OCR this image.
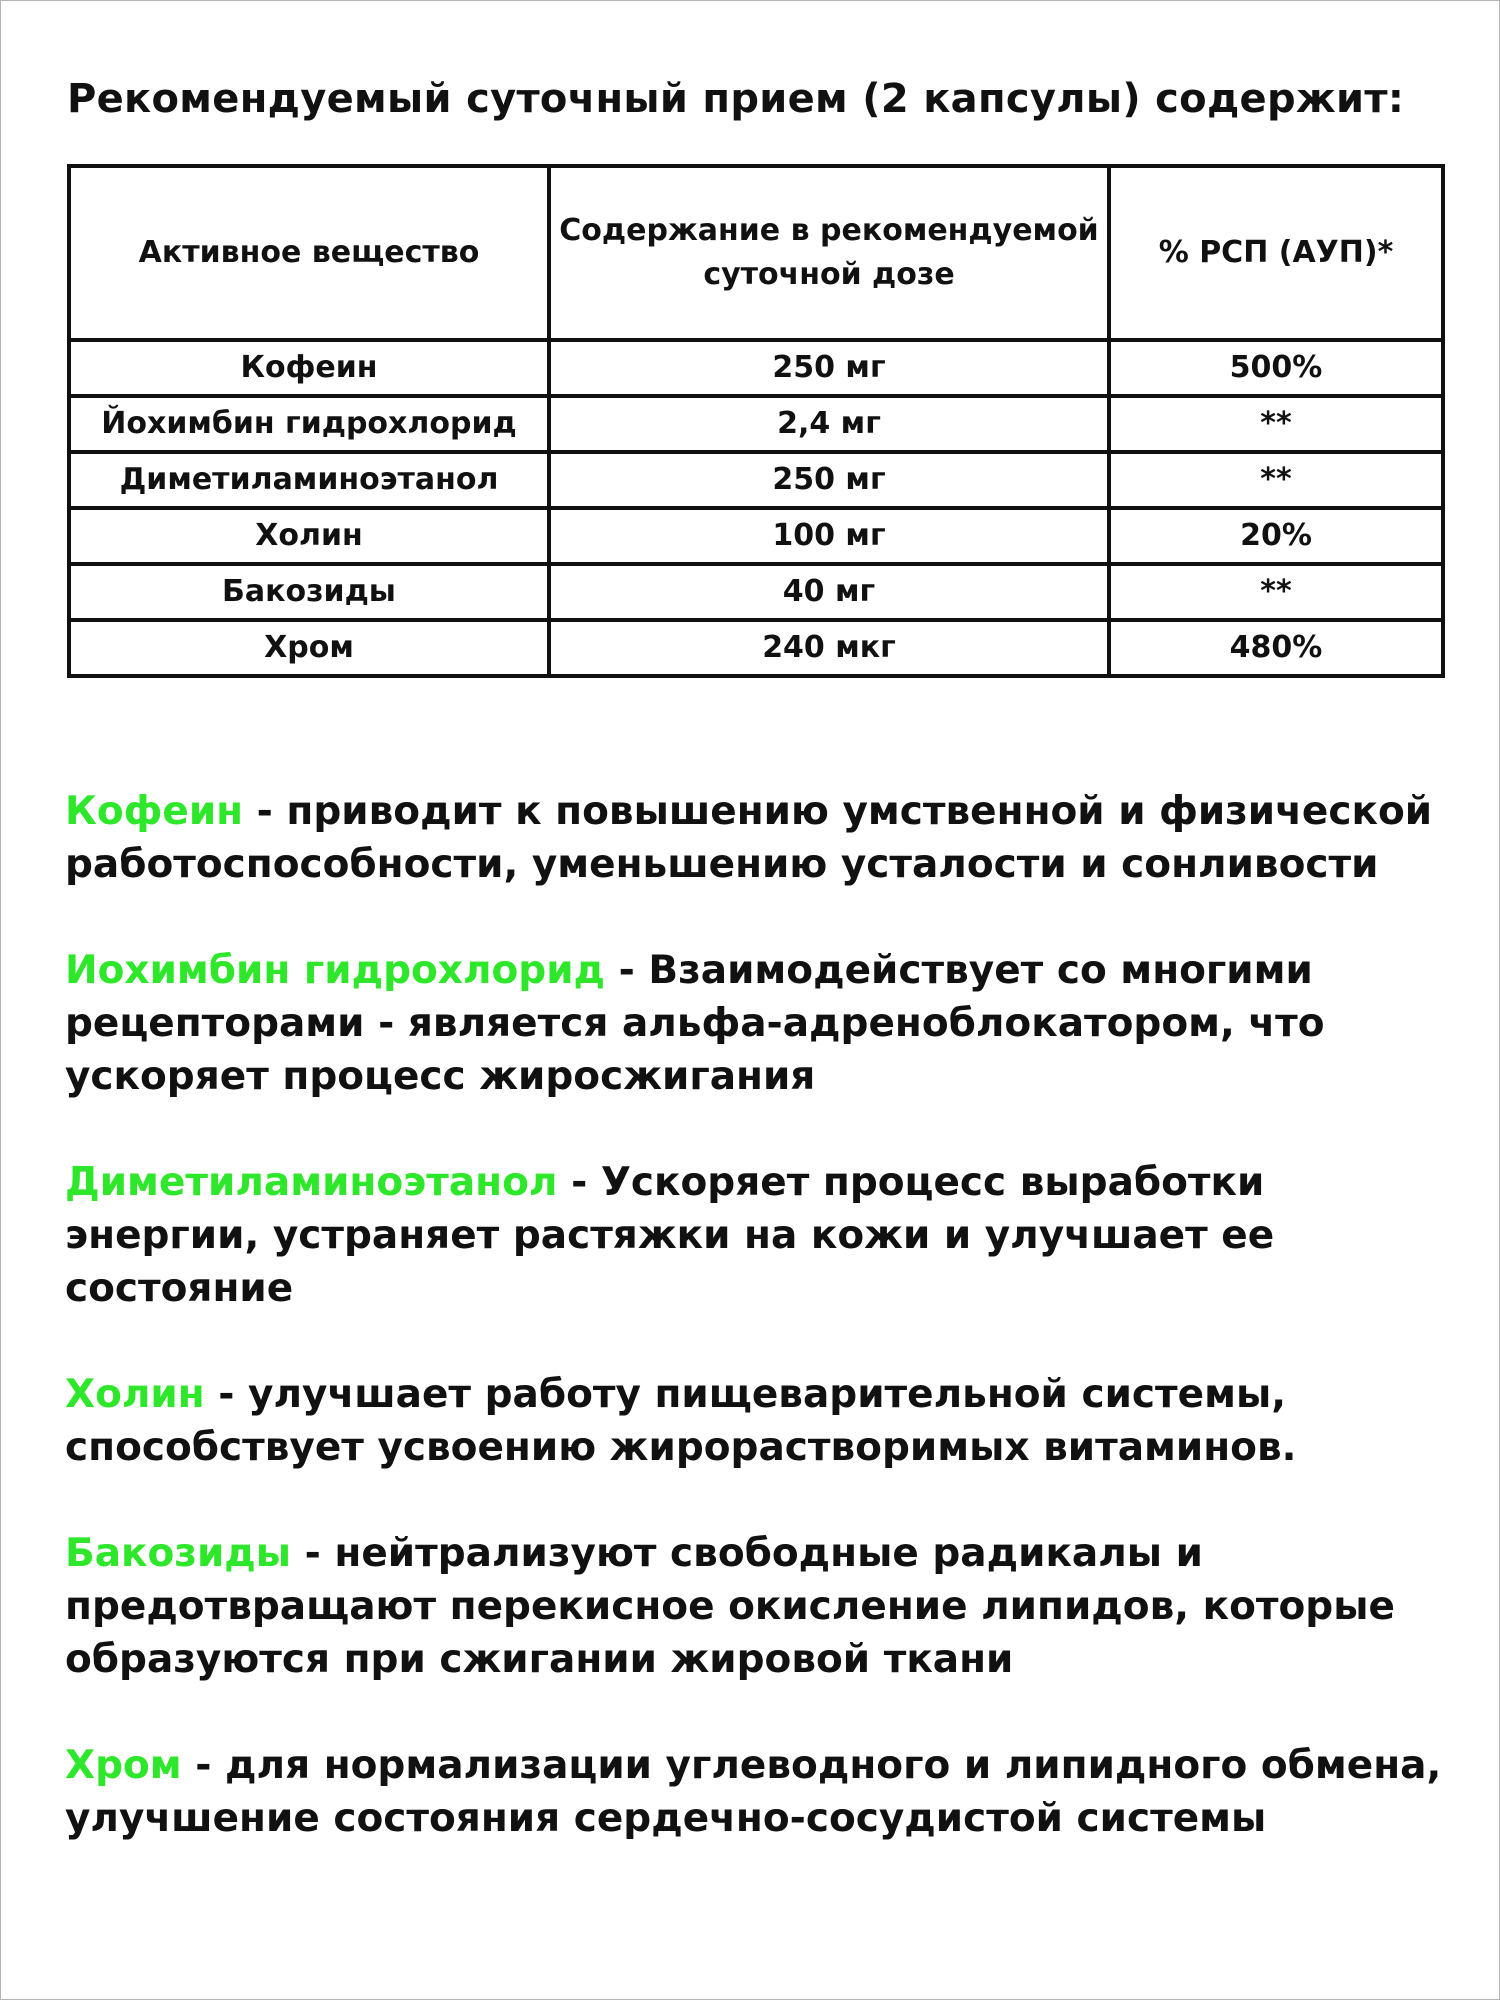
Рекомендуемый суточный прием (2 капсулы) содержит:
Активное вещество	Содержание в рекомендуемой суточной дозе	% РСП (АУП)*
Кофеин	250 мг	500%
Йохимбин гидрохлорид	2,4 мг	**
Диметиламиноэтанол	250 мг	**
Холин	100 мг	20%
Бакозиды	40 мг	**
Хром	240 мкг	480%

Кофеин - приводит к повышению умственной и физической работоспособности, уменьшению усталости и сонливости

Иохимбин гидрохлорид - Взаимодействует со многими рецепторами - является альфа-адреноблокатором, что ускоряет процесс жиросжигания

Диметиламиноэтанол - Ускоряет процесс выработки энергии, устраняет растяжки на кожи и улучшает ее состояние

Холин - улучшает работу пищеварительной системы, способствует усвоению жирорастворимых витаминов.

Бакозиды - нейтрализуют свободные радикалы и предотвращают перекисное окисление липидов, которые образуются при сжигании жировой ткани

Хром - для нормализации углеводного и липидного обмена, улучшение состояния сердечно-сосудистой системы
